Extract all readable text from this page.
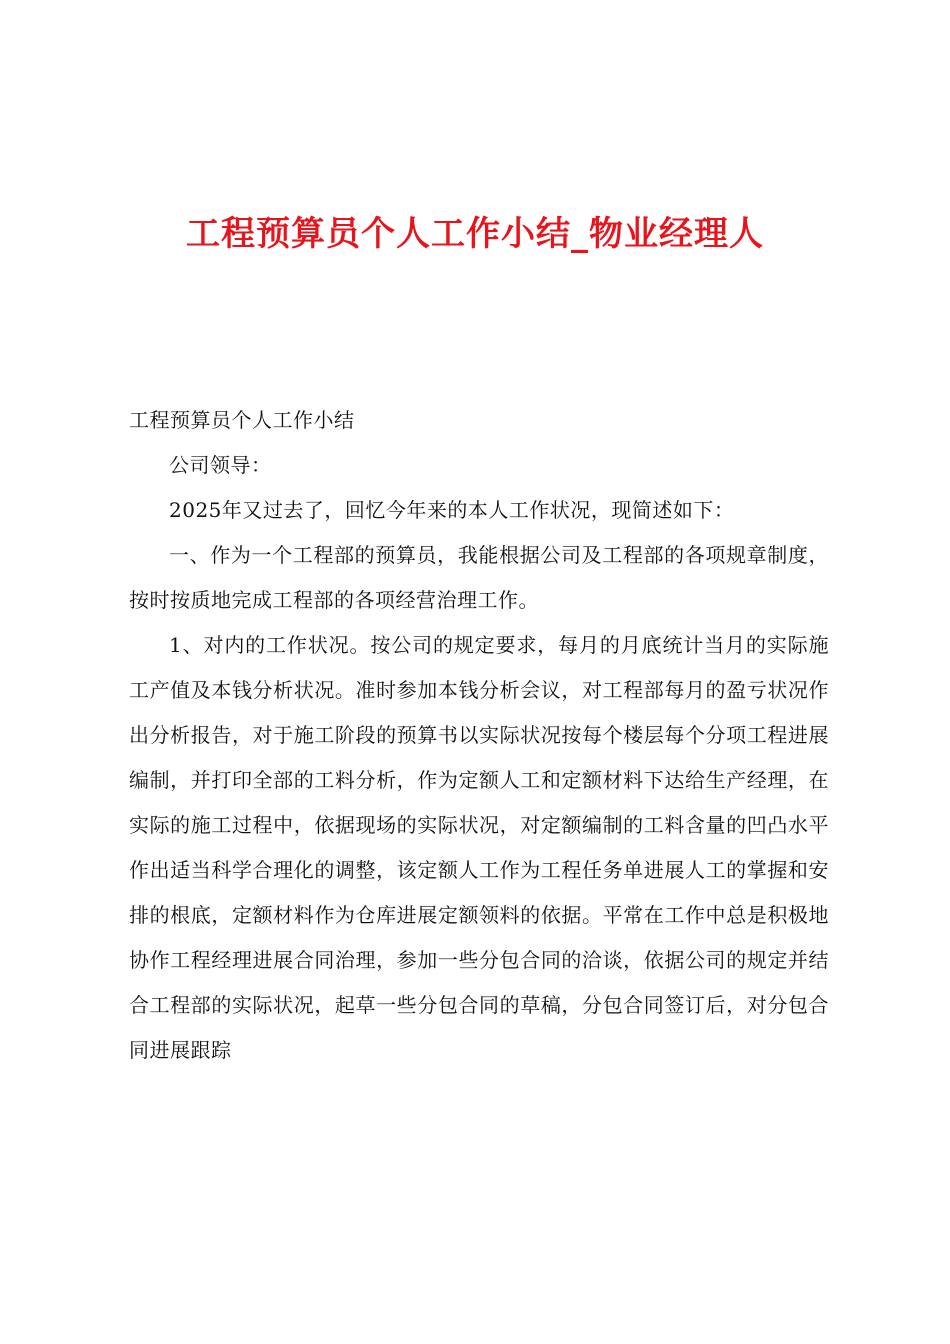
工程预算员个人工作小结_物业经理人

工程预算员个人工作小结

公司领导：

2025年又过去了，回忆今年来的本人工作状况，现简述如下：

一、作为一个工程部的预算员，我能根据公司及工程部的各项规章制度，按时按质地完成工程部的各项经营治理工作。

1、对内的工作状况。按公司的规定要求，每月的月底统计当月的实际施工产值及本钱分析状况。准时参加本钱分析会议，对工程部每月的盈亏状况作出分析报告，对于施工阶段的预算书以实际状况按每个楼层每个分项工程进展编制，并打印全部的工料分析，作为定额人工和定额材料下达给生产经理，在实际的施工过程中，依据现场的实际状况，对定额编制的工料含量的凹凸水平作出适当科学合理化的调整，该定额人工作为工程任务单进展人工的掌握和安排的根底，定额材料作为仓库进展定额领料的依据。平常在工作中总是积极地协作工程经理进展合同治理，参加一些分包合同的洽谈，依据公司的规定并结合工程部的实际状况，起草一些分包合同的草稿，分包合同签订后，对分包合同进展跟踪
